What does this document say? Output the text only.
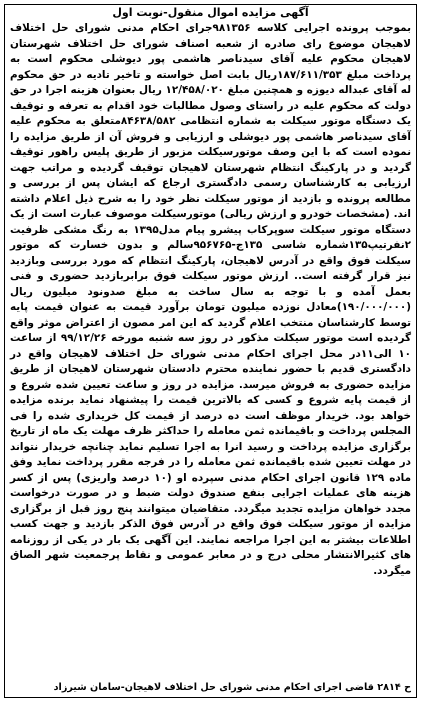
آگهی مزایده اموال منقول-نوبت اول

بموجب پرونده اجرایی کلاسه ۹۸۱۳۵۶جرای احکام مدنی شورای حل اختلاف لاهیجان موضوع رای صادره از شعبه اصناف شورای حل اختلاف شهرستان لاهیجان محکوم علیه آقای سیدناصر هاشمی پور دیوشلی محکوم است به پرداخت مبلغ ۱۸۷/۶۱۱/۳۵۳ریال بابت اصل خواسته و تاخیر تادیه در حق محکوم له آقای عبداله دیوزه و همچنین مبلغ ۱۲/۴۵۸/۰۲۰ ریال بعنوان هزینه اجرا در حق دولت که محکوم علیه در راستای وصول مطالبات خود اقدام به تعرفه و توقیف یک دستگاه موتور سیکلت به شماره انتظامی ۸۴۶۳۸/۵۸۲متعلق به محکوم علیه آقای سیدناصر هاشمی پور دیوشلی و ارزیابی و فروش آن از طریق مزایده را نموده است که با این وصف موتورسیکلت مزبور از طریق پلیس راهور توقیف گردید و در پارکینگ انتظام شهرستان لاهیجان توقیف گردیده و مراتب جهت ارزیابی به کارشناسان رسمی دادگستری ارجاع که ایشان پس از بررسی و مطالعه پرونده و بازدید از موتور سیکلت نظر خود را به شرح ذیل اعلام داشته اند. (مشخصات خودرو و ارزش ریالی) موتورسیکلت موصوف عبارت است از یک دستگاه موتور سیکلت سوپرکاب پیشرو پیام مدل۱۳۹۵ به رنگ مشکی ظرفیت ۲نفرتیپ۱۳۵شماره شاسی ۱۳۵ج-۹۵۶۷۶۵سالم و بدون خسارت که موتور سیکلت فوق واقع در آدرس لاهیجان، پارکینگ انتظام که مورد بررسی وبازدید نیز قرار گرفته است.. ارزش موتور سیکلت فوق برابربازدید حضوری و فنی بعمل آمده و با توجه به سال ساخت به مبلغ صدونود میلیون ریال (۱۹۰/۰۰۰/۰۰۰)معادل نوزده میلیون تومان برآورد قیمت به عنوان قیمت پایه توسط کارشناسان منتخب اعلام گردید که این امر مصون از اعتراض موثر واقع گردیده است موتور سیکلت مذکور در روز سه شنبه مورخه ۹۹/۱۲/۲۶ از ساعت ۱۰ الی۱۱در محل اجرای احکام مدنی شورای حل اختلاف لاهیجان واقع در دادگستری قدیم با حضور نماینده محترم دادستان شهرستان لاهیجان از طریق مزایده حضوری به فروش میرسد. مزایده در روز و ساعت تعیین شده شروع و از قیمت پایه شروع و کسی که بالاترین قیمت را پیشنهاد نماید برنده مزایده خواهد بود. خریدار موظف است ده درصد از قیمت کل خریداری شده را فی المجلس پرداخت و باقیمانده ثمن معامله را حداکثر ظرف مهلت یک ماه از تاریخ برگزاری مزایده پرداخت و رسید انرا به اجرا تسلیم نماید چنانچه خریدار نتواند در مهلت تعیین شده باقیمانده ثمن معامله را در فرجه مقرر پرداخت نماید وفق ماده ۱۲۹ قانون اجرای احکام مدنی سپرده او (۱۰ درصد واریزی) پس از کسر هزینه های عملیات اجرایی بنفع صندوق دولت ضبط و در صورت درخواست مجدد خواهان مزایده تجدید میگردد. متقاضیان میتوانند پنج روز قبل از برگزاری مزایده از موتور سیکلت فوق واقع در آدرس فوق الذکر بازدید و جهت کسب اطلاعات بیشتر به این اجرا مراجعه نمایند. این آگهی یک بار در یکی از روزنامه های کثیرالانتشار محلی درج و در معابر عمومی و نقاط پرجمعیت شهر الصاق میگردد.

ح ۲۸۱۴ قاضی اجرای احکام مدنی شورای حل اختلاف لاهیجان-سامان شیرزاد
